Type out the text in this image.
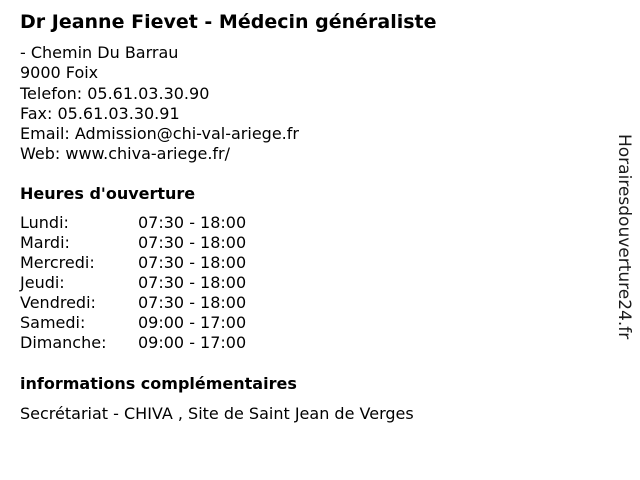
Dr Jeanne Fievet - Médecin généraliste
- Chemin Du Barrau
9000 Foix
Telefon: 05.61.03.30.90
Fax: 05.61.03.30.91
Email: Admission@chi-val-ariege.fr
Web: www.chiva-ariege.fr/
Heures d'ouverture
Lundi:	07:30 - 18:00
Mardi:	07:30 - 18:00
Mercredi:	07:30 - 18:00
Jeudi:	07:30 - 18:00
Vendredi:	07:30 - 18:00
Samedi:	09:00 - 17:00
Dimanche:	09:00 - 17:00
informations complémentaires
Secrétariat - CHIVA , Site de Saint Jean de Verges
Horairesdouverture24.fr
